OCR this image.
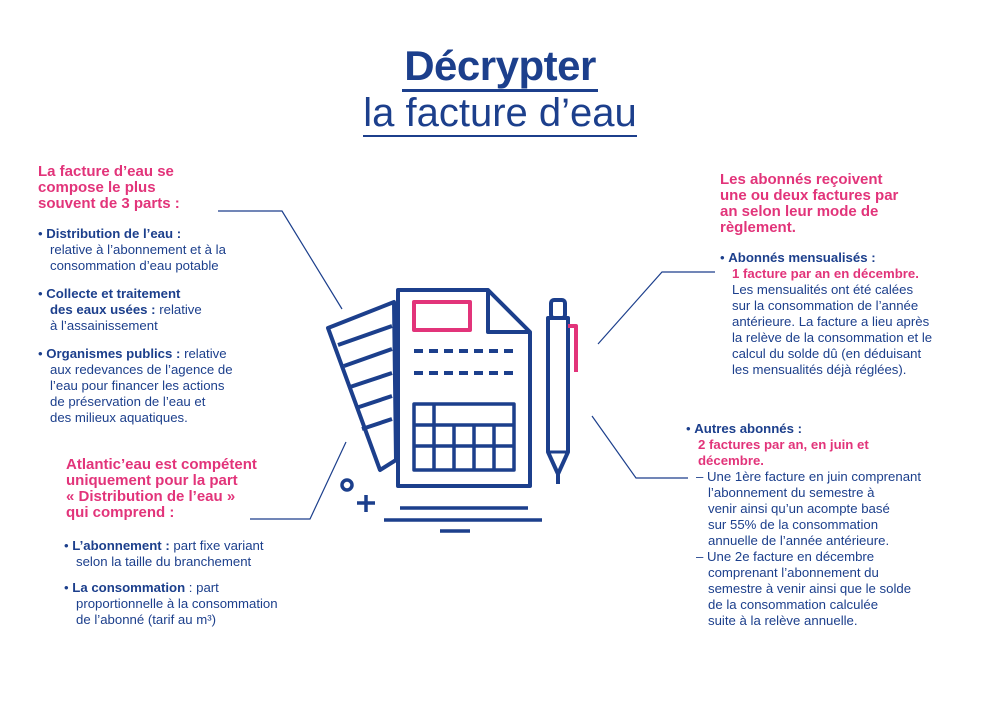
Décrypter
la facture d’eau
La facture d’eau se
compose le plus
souvent de 3 parts :
• Distribution de l’eau :
relative à l’abonnement et à la
consommation d’eau potable
• Collecte et traitement
des eaux usées : relative
à l’assainissement
• Organismes publics : relative
aux redevances de l’agence de
l’eau pour financer les actions
de préservation de l’eau et
des milieux aquatiques.
Atlantic’eau est compétent
uniquement pour la part
« Distribution de l’eau »
qui comprend :
• L’abonnement : part fixe variant
selon la taille du branchement
• La consommation : part
proportionnelle à la consommation
de l’abonné (tarif au m³)
Les abonnés reçoivent
une ou deux factures par
an selon leur mode de
règlement.
• Abonnés mensualisés :
1 facture par an en décembre.
Les mensualités ont été calées
sur la consommation de l’année
antérieure. La facture a lieu après
la relève de la consommation et le
calcul du solde dû (en déduisant
les mensualités déjà réglées).
• Autres abonnés :
2 factures par an, en juin et
décembre.
– Une 1ère facture en juin comprenant
l’abonnement du semestre à
venir ainsi qu’un acompte basé
sur 55% de la consommation
annuelle de l’année antérieure.
– Une 2e facture en décembre
comprenant l’abonnement du
semestre à venir ainsi que le solde
de la consommation calculée
suite à la relève annuelle.
